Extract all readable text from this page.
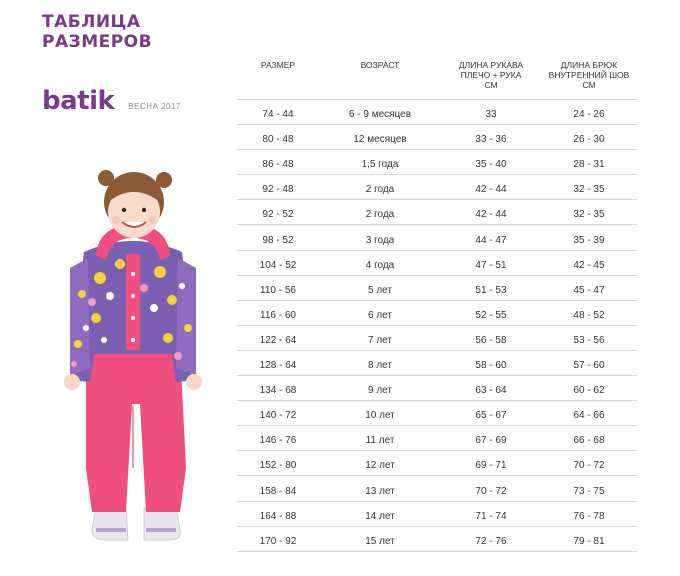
ТАБЛИЦА
РАЗМЕРОВ
batik ВЕСНА 2017
РАЗМЕР	ВОЗРАСТ	ДЛИНА РУКАВА
ПЛЕЧО + РУКА
СМ
ДЛИНА БРЮК
ВНУТРЕННИЙ ШОВ
СМ
74 - 44	6 - 9 месяцев	33	24 - 26
80 - 48	12 месяцев	33 - 36	26 - 30
86 - 48	1,5 года	35 - 40	28 - 31
92 - 48	2 года	42 - 44	32 - 35
92 - 52	2 года	42 - 44	32 - 35
98 - 52	3 года	44 - 47	35 - 39
104 - 52	4 года	47 - 51	42 - 45
110 - 56	5 лет	51 - 53	45 - 47
116 - 60	6 лет	52 - 55	48 - 52
122 - 64	7 лет	56 - 58	53 - 56
128 - 64	8 лет	58 - 60	57 - 60
134 - 68	9 лет	63 - 64	60 - 62
140 - 72	10 лет	65 - 67	64 - 66
146 - 76	11 лет	67 - 69	66 - 68
152 - 80	12 лет	69 - 71	70 - 72
158 - 84	13 лет	70 - 72	73 - 75
164 - 88	14 лет	71 - 74	76 - 78
170 - 92	15 лет	72 - 76	79 - 81
